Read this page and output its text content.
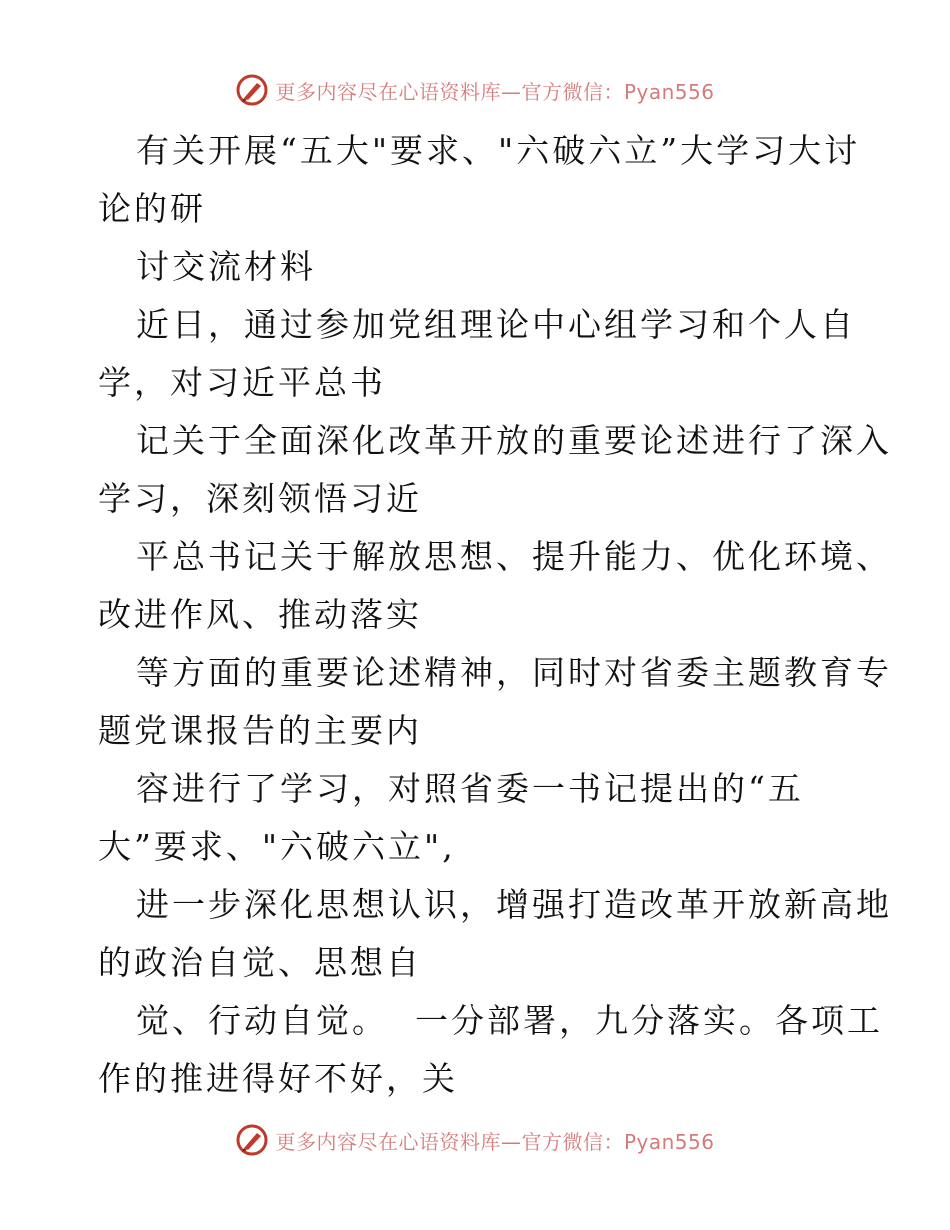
更多内容尽在心语资料库—官方微信：Pyan556

有关开展“五大"要求、"六破六立”大学习大讨

论的研

讨交流材料

近日，通过参加党组理论中心组学习和个人自

学，对习近平总书

记关于全面深化改革开放的重要论述进行了深入

学习，深刻领悟习近

平总书记关于解放思想、提升能力、优化环境、

改进作风、推动落实

等方面的重要论述精神，同时对省委主题教育专

题党课报告的主要内

容进行了学习，对照省委一书记提出的“五

大”要求、"六破六立",

进一步深化思想认识，增强打造改革开放新高地

的政治自觉、思想自

觉、行动自觉。  一分部署，九分落实。各项工

作的推进得好不好，关

更多内容尽在心语资料库—官方微信：Pyan556
